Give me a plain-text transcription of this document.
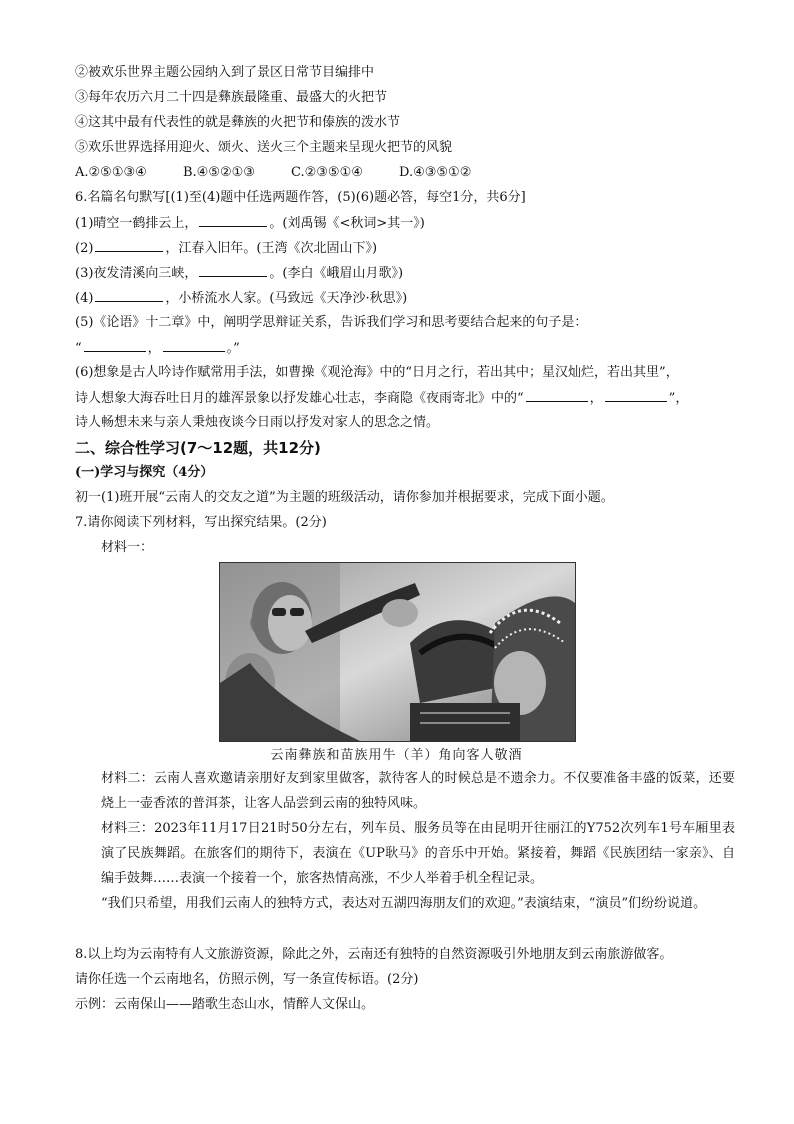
②被欢乐世界主题公园纳入到了景区日常节目编排中
③每年农历六月二十四是彝族最隆重、最盛大的火把节
④这其中最有代表性的就是彝族的火把节和傣族的泼水节
⑤欢乐世界选择用迎火、颂火、送火三个主题来呈现火把节的风貌
A.②⑤①③④	B.④⑤②①③	C.②③⑤①④	D.④③⑤①②
6.名篇名句默写[(1)至(4)题中任选两题作答，(5)(6)题必答，每空1分，共6分]
(1)晴空一鹤排云上，	。(刘禹锡《<秋词>其一》)
(2)	，江春入旧年。(王湾《次北固山下》)
(3)夜发清溪向三峡，	。(李白《峨眉山月歌》)
(4)	，小桥流水人家。(马致远《天净沙·秋思》)
(5)《论语》十二章》中，阐明学思辩证关系，告诉我们学习和思考要结合起来的句子是：
“	，	。”
(6)想象是古人吟诗作赋常用手法，如曹操《观沧海》中的“日月之行，若出其中；星汉灿烂，若出其里”，
诗人想象大海吞吐日月的雄浑景象以抒发雄心壮志，李商隐《夜雨寄北》中的“	，	”，
诗人畅想未来与亲人秉烛夜谈今日雨以抒发对家人的思念之情。
二、综合性学习(7～12题，共12分)
(一)学习与探究（4分）
初一(1)班开展“云南人的交友之道”为主题的班级活动，请你参加并根据要求，完成下面小题。
7.请你阅读下列材料，写出探究结果。(2分)
材料一：
云南彝族和苗族用牛（羊）角向客人敬酒
材料二：云南人喜欢邀请亲朋好友到家里做客，款待客人的时候总是不遗余力。不仅要准备丰盛的饭菜，还要烧上一壶香浓的普洱茶，让客人品尝到云南的独特风味。
材料三：2023年11月17日21时50分左右，列车员、服务员等在由昆明开往丽江的Y752次列车1号车厢里表演了民族舞蹈。在旅客们的期待下，表演在《UP耿马》的音乐中开始。紧接着，舞蹈《民族团结一家亲》、自编手鼓舞……表演一个接着一个，旅客热情高涨，不少人举着手机全程记录。
“我们只希望，用我们云南人的独特方式，表达对五湖四海朋友们的欢迎。”表演结束，“演员”们纷纷说道。
8.以上均为云南特有人文旅游资源，除此之外，云南还有独特的自然资源吸引外地朋友到云南旅游做客。
请你任选一个云南地名，仿照示例，写一条宣传标语。(2分)
示例：云南保山——踏歌生态山水，情醉人文保山。
